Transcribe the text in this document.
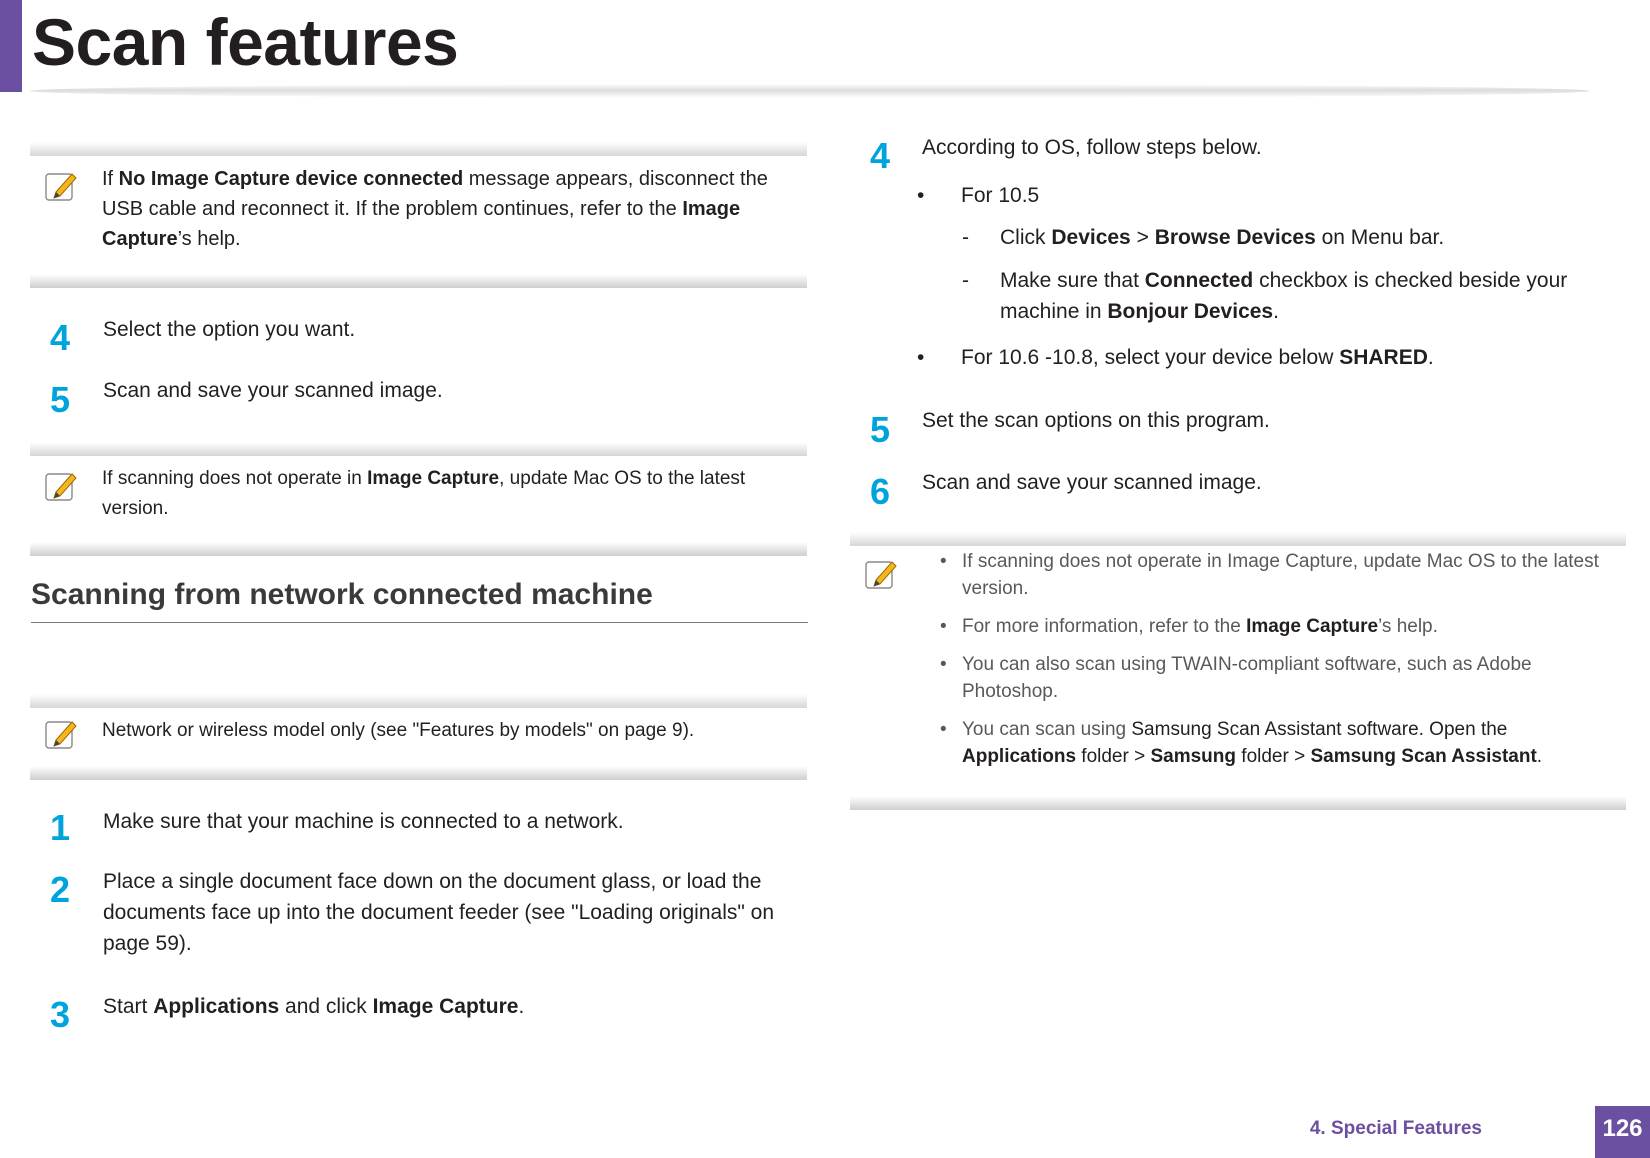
Scan features
If No Image Capture device connected message appears, disconnect the USB cable and reconnect it. If the problem continues, refer to the Image Capture’s help.
4	Select the option you want.
5	Scan and save your scanned image.
If scanning does not operate in Image Capture, update Mac OS to the latest version.
Scanning from network connected machine
Network or wireless model only (see "Features by models" on page 9).
1	Make sure that your machine is connected to a network.
2	Place a single document face down on the document glass, or load the documents face up into the document feeder (see "Loading originals" on page 59).
3	Start Applications and click Image Capture.
4	According to OS, follow steps below.
• For 10.5
- Click Devices > Browse Devices on Menu bar.
- Make sure that Connected checkbox is checked beside your machine in Bonjour Devices.
• For 10.6 -10.8, select your device below SHARED.
5	Set the scan options on this program.
6	Scan and save your scanned image.
• If scanning does not operate in Image Capture, update Mac OS to the latest version.
• For more information, refer to the Image Capture’s help.
• You can also scan using TWAIN-compliant software, such as Adobe Photoshop.
• You can scan using Samsung Scan Assistant software. Open the Applications folder > Samsung folder > Samsung Scan Assistant.
4. Special Features	126
